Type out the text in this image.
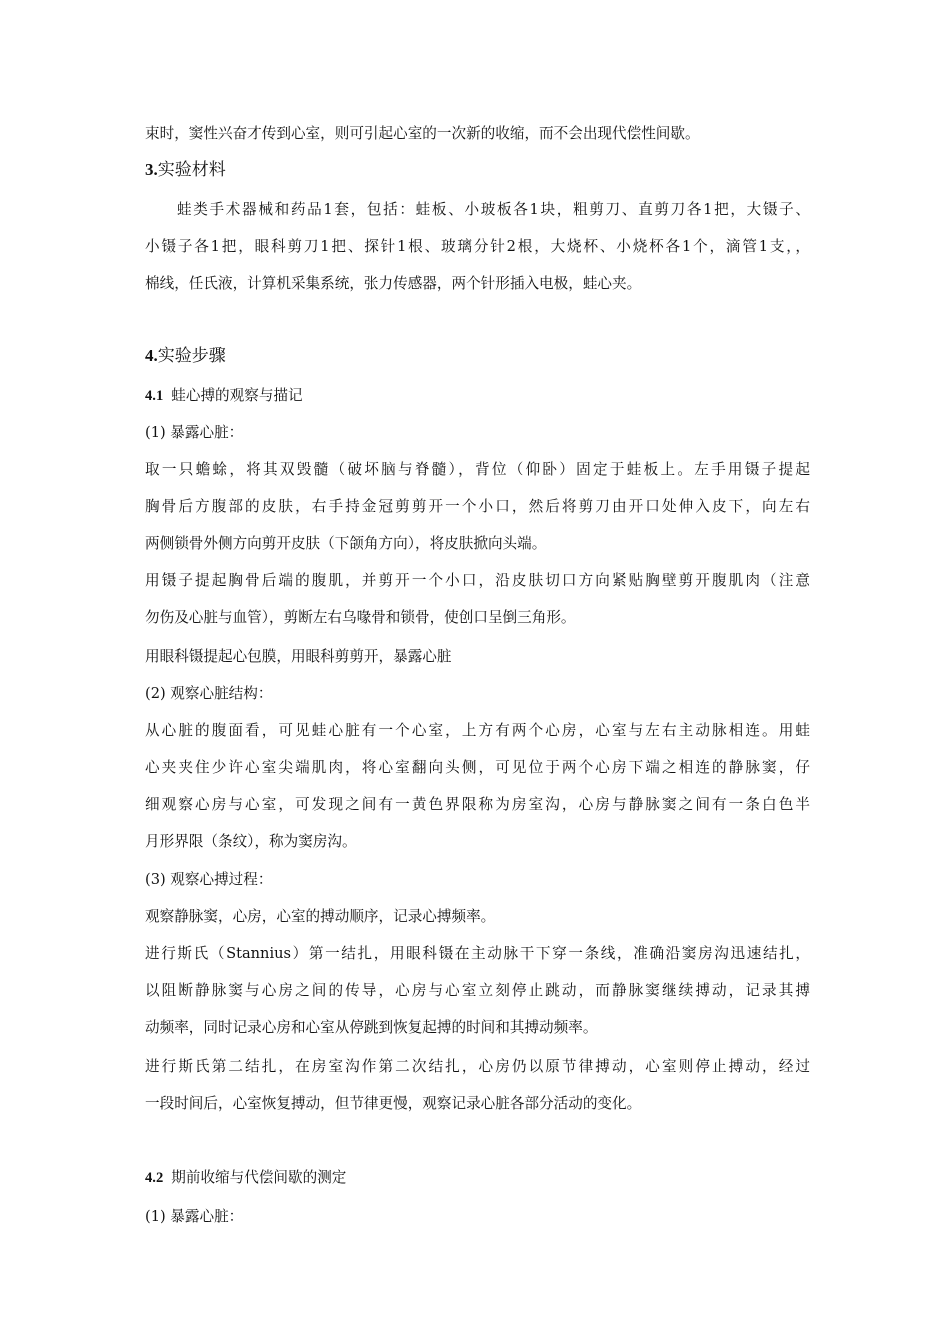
束时，窦性兴奋才传到心室，则可引起心室的一次新的收缩，而不会出现代偿性间歇。
3.实验材料
蛙类手术器械和药品1套，包括：蛙板、小玻板各1块，粗剪刀、直剪刀各1把，大镊子、
小镊子各1把，眼科剪刀1把、探针1根、玻璃分针2根，大烧杯、小烧杯各1个，滴管1支，，
棉线，任氏液，计算机采集系统，张力传感器，两个针形插入电极，蛙心夹。
4.实验步骤
4.1 蛙心搏的观察与描记
(1) 暴露心脏：
取一只蟾蜍，将其双毁髓（破坏脑与脊髓），背位（仰卧）固定于蛙板上。左手用镊子提起
胸骨后方腹部的皮肤，右手持金冠剪剪开一个小口，然后将剪刀由开口处伸入皮下，向左右
两侧锁骨外侧方向剪开皮肤（下颌角方向），将皮肤掀向头端。
用镊子提起胸骨后端的腹肌，并剪开一个小口，沿皮肤切口方向紧贴胸壁剪开腹肌肉（注意
勿伤及心脏与血管），剪断左右乌喙骨和锁骨，使创口呈倒三角形。
用眼科镊提起心包膜，用眼科剪剪开，暴露心脏
(2) 观察心脏结构：
从心脏的腹面看，可见蛙心脏有一个心室，上方有两个心房，心室与左右主动脉相连。用蛙
心夹夹住少许心室尖端肌肉，将心室翻向头侧，可见位于两个心房下端之相连的静脉窦，仔
细观察心房与心室，可发现之间有一黄色界限称为房室沟，心房与静脉窦之间有一条白色半
月形界限（条纹），称为窦房沟。
(3) 观察心搏过程：
观察静脉窦，心房，心室的搏动顺序，记录心搏频率。
进行斯氏（Stannius）第一结扎，用眼科镊在主动脉干下穿一条线，准确沿窦房沟迅速结扎，
以阻断静脉窦与心房之间的传导，心房与心室立刻停止跳动，而静脉窦继续搏动，记录其搏
动频率，同时记录心房和心室从停跳到恢复起搏的时间和其搏动频率。
进行斯氏第二结扎，在房室沟作第二次结扎，心房仍以原节律搏动，心室则停止搏动，经过
一段时间后，心室恢复搏动，但节律更慢，观察记录心脏各部分活动的变化。
4.2 期前收缩与代偿间歇的测定
(1) 暴露心脏：
